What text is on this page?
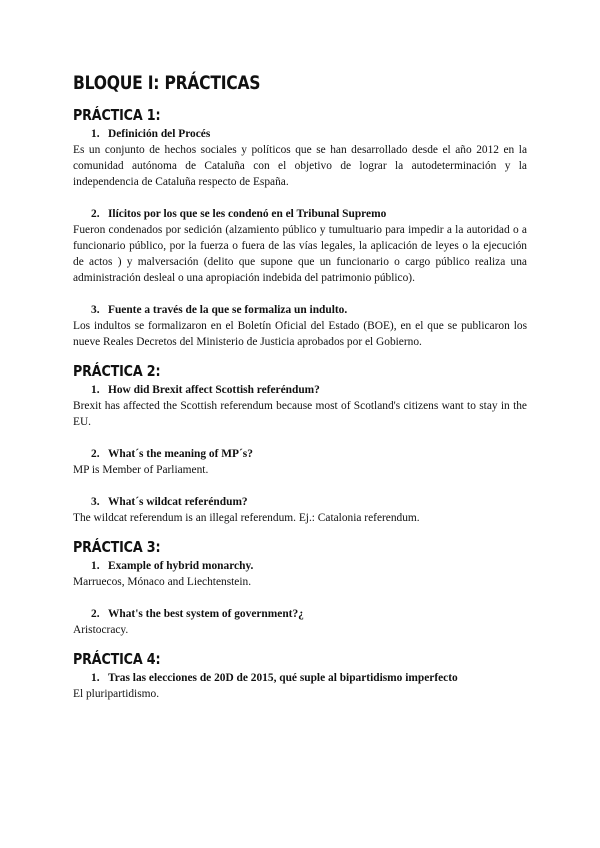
BLOQUE I: PRÁCTICAS
PRÁCTICA 1:
1. Definición del Procés

Es un conjunto de hechos sociales y políticos que se han desarrollado desde el año 2012 en la comunidad autónoma de Cataluña con el objetivo de lograr la autodeterminación y la independencia de Cataluña respecto de España.

2. Ilícitos por los que se les condenó en el Tribunal Supremo

Fueron condenados por sedición (alzamiento público y tumultuario para impedir a la autoridad o a funcionario público, por la fuerza o fuera de las vías legales, la aplicación de leyes o la ejecución de actos ) y malversación (delito que supone que un funcionario o cargo público realiza una administración desleal o una apropiación indebida del patrimonio público).

3. Fuente a través de la que se formaliza un indulto.

Los indultos se formalizaron en el Boletín Oficial del Estado (BOE), en el que se publicaron los nueve Reales Decretos del Ministerio de Justicia aprobados por el Gobierno.

PRÁCTICA 2:
1. How did Brexit affect Scottish referéndum?

Brexit has affected the Scottish referendum because most of Scotland's citizens want to stay in the EU.

2. What´s the meaning of MP´s?

MP is Member of Parliament.

3. What´s wildcat referéndum?

The wildcat referendum is an illegal referendum. Ej.: Catalonia referendum.

PRÁCTICA 3:
1. Example of hybrid monarchy.

Marruecos, Mónaco and Liechtenstein.

2. What's the best system of government?¿

Aristocracy.

PRÁCTICA 4:
1. Tras las elecciones de 20D de 2015, qué suple al bipartidismo imperfecto

El pluripartidismo.
